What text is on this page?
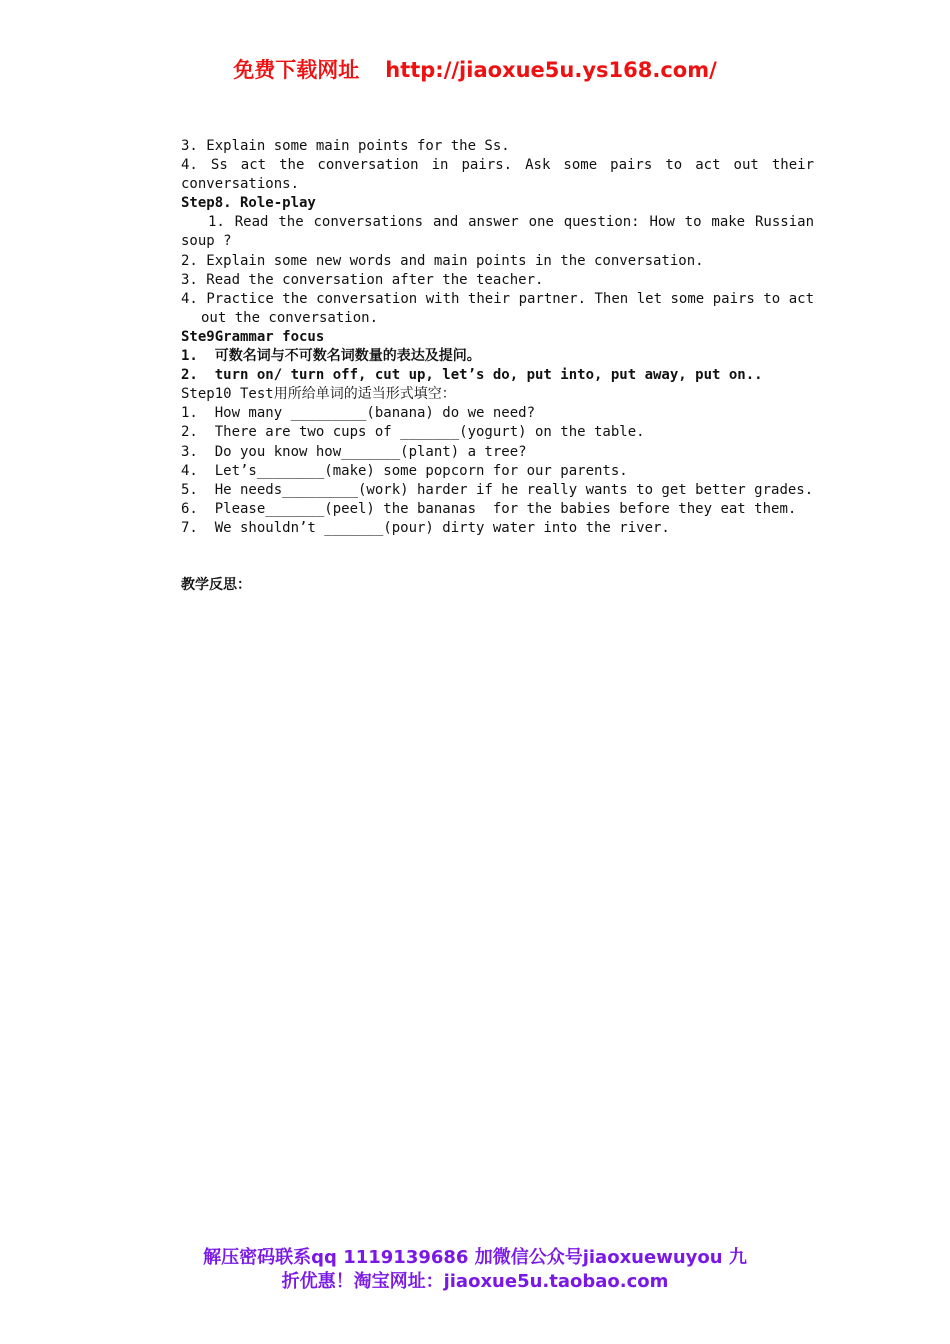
免费下载网址 http://jiaoxue5u.ys168.com/
3. Explain some main points for the Ss.
4. Ss act the conversation in pairs. Ask some pairs to act out their
conversations.
Step8. Role-play
1. Read the conversations and answer one question: How to make Russian
soup ?
2. Explain some new words and main points in the conversation.
3. Read the conversation after the teacher.
4. Practice the conversation with their partner. Then let some pairs to act
out the conversation.
Ste9Grammar focus
1.  可数名词与不可数名词数量的表达及提问。
2.  turn on/ turn off, cut up, let’s do, put into, put away, put on..
Step10 Test用所给单词的适当形式填空：
1.  How many _________(banana) do we need?
2.  There are two cups of _______(yogurt) on the table.
3.  Do you know how_______(plant) a tree?
4.  Let’s________(make) some popcorn for our parents.
5.  He needs_________(work) harder if he really wants to get better grades.
6.  Please_______(peel) the bananas  for the babies before they eat them.
7.  We shouldn’t _______(pour) dirty water into the river.
教学反思：
解压密码联系qq 1119139686 加微信公众号jiaoxuewuyou 九
折优惠！淘宝网址：jiaoxue5u.taobao.com
